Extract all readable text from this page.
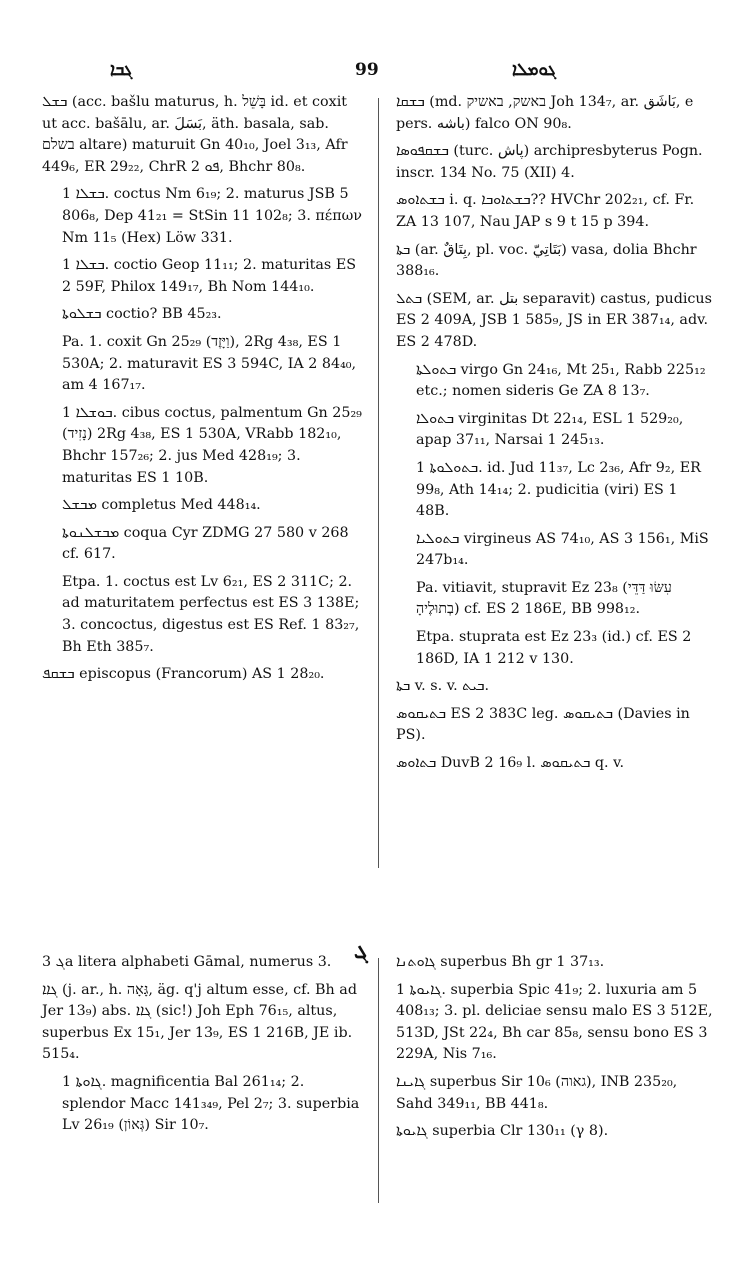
ܓܒܐ	99	ܓܘܡܠܐ

ܒܫܠ (acc. bašlu maturus, h. בָּשֵׁל id. et coxit ut acc. bašālu, ar. بَسَلَ, äth. basala, sab. בשלם altare) maturuit Gn 40₁₀, Joel 3₁₃, Afr 449₆, ER 29₂₂, ChrR ܦܘ 2, Bhchr 80₈.

ܒܫܠܐ 1. coctus Nm 6₁₉; 2. maturus JSB 5 806₈, Dep 41₂₁ = StSin 11 102₈; 3. πέπων Nm 11₅ (Hex) Löw 331.

ܒܫܠܐ 1. coctio Geop 11₁₁; 2. maturitas ES 2 59F, Philox 149₁₇, Bh Nom 144₁₀.

ܒܫܠܘܬܐ coctio? BB 45₂₃.

Pa. 1. coxit Gn 25₂₉ (וַיָּזֶד), 2Rg 4₃₈, ES 1 530A; 2. maturavit ES 3 594C, IA 2 84₄₀, am 4 167₁₇.

ܒܘܫܠܐ 1. cibus coctus, palmentum Gn 25₂₉ (נָזִיד) 2Rg 4₃₈, ES 1 530A, VRabb 182₁₀, Bhchr 157₂₆; 2. jus Med 428₁₉; 3. maturitas ES 1 10B.

ܡܒܫܠ completus Med 448₁₄.

ܡܒܫܠܢܘܬܐ coqua Cyr ZDMG 27 580 v 268 cf. 617.

Etpa. 1. coctus est Lv 6₂₁, ES 2 311C; 2. ad maturitatem perfectus est ES 3 138E; 3. concoctus, digestus est ES Ref. 1 83₂₇, Bh Eth 385₇.

ܒܫܩܦ episcopus (Francorum) AS 1 28₂₀.

ܒܫܩܐ (md. באשק, באשיק Joh 134₇, ar. بَاشَق, e pers. باشه) falco ON 90₈.

ܒܫܩܦܘܣܐ (turc. پاش) archipresbyterus Pogn. inscr. 134 No. 75 (XII) 4.

ܒܫܬܐܘܣ i. q. ܒܫܬܐܘܒܐ?? HVChr 202₂₁, cf. Fr. ZA 13 107, Nau JAP s 9 t 15 p 394.

ܒܬܐ (ar. بِتَاقٌ, pl. voc. بَتَاتِيّ) vasa, dolia Bhchr 388₁₆.

ܒܬܠ (SEM, ar. بتل separavit) castus, pudicus ES 2 409A, JSB 1 585₉, JS in ER 387₁₄, adv. ES 2 478D.

ܒܬܘܠܬܐ virgo Gn 24₁₆, Mt 25₁, Rabb 225₁₂ etc.; nomen sideris Ge ZA 8 13₇.

ܒܬܘܠܐ virginitas Dt 22₁₄, ESL 1 529₂₀, apap 37₁₁, Narsai 1 245₁₃.

ܒܬܘܠܘܬܐ 1. id. Jud 11₃₇, Lc 2₃₆, Afr 9₂, ER 99₈, Ath 14₁₄; 2. pudicitia (viri) ES 1 48B.

ܒܬܘܠܝܐ virgineus AS 74₁₀, AS 3 156₁, MiS 247b₁₄.

Pa. vitiavit, stupravit Ez 23₈ (עִשּׂוּ דַּדֵּי בְתוּלֶיהָ) cf. ES 2 186E, BB 998₁₂.

Etpa. stuprata est Ez 23₃ (id.) cf. ES 2 186D, IA 1 212 v 130.

ܒܬܐ v. s. v. ܒܝܬ.

ܒܬܝܩܘܣ ES 2 383C leg. ܒܬܝܩܘܣ (Davies in PS).

ܒܬܐܘܣ DuvB 2 16₉ l. ܒܬܝܩܘܣ q. v.

ܓ

ܓ 3a litera alphabeti Gāmal, numerus 3.

ܓܐܐ (j. ar., h. גָּאָה, äg. q'j altum esse, cf. Bh ad Jer 13₉) abs. ܓܐܐ (sic!) Joh Eph 76₁₅, altus, superbus Ex 15₁, Jer 13₉, ES 1 216B, JE ib. 515₄.

ܓܐܘܬܐ 1. magnificentia Bal 261₁₄; 2. splendor Macc 141₃₄₉, Pel 2₇; 3. superbia Lv 26₁₉ (גְּאוֹן) Sir 10₇.

ܓܐܘܬܢܐ superbus Bh gr 1 37₁₃.

ܓܐܝܘܬܐ 1. superbia Spic 41₉; 2. luxuria am 5 408₁₃; 3. pl. deliciae sensu malo ES 3 512E, 513D, JSt 22₄, Bh car 85₈, sensu bono ES 3 229A, Nis 7₁₆.

ܓܐܝܢܐ superbus Sir 10₆ (גאוה), INB 235₂₀, Sahd 349₁₁, BB 441₈.

ܓܐܝܘܬܐ superbia Clr 130₁₁ (γ 8).
